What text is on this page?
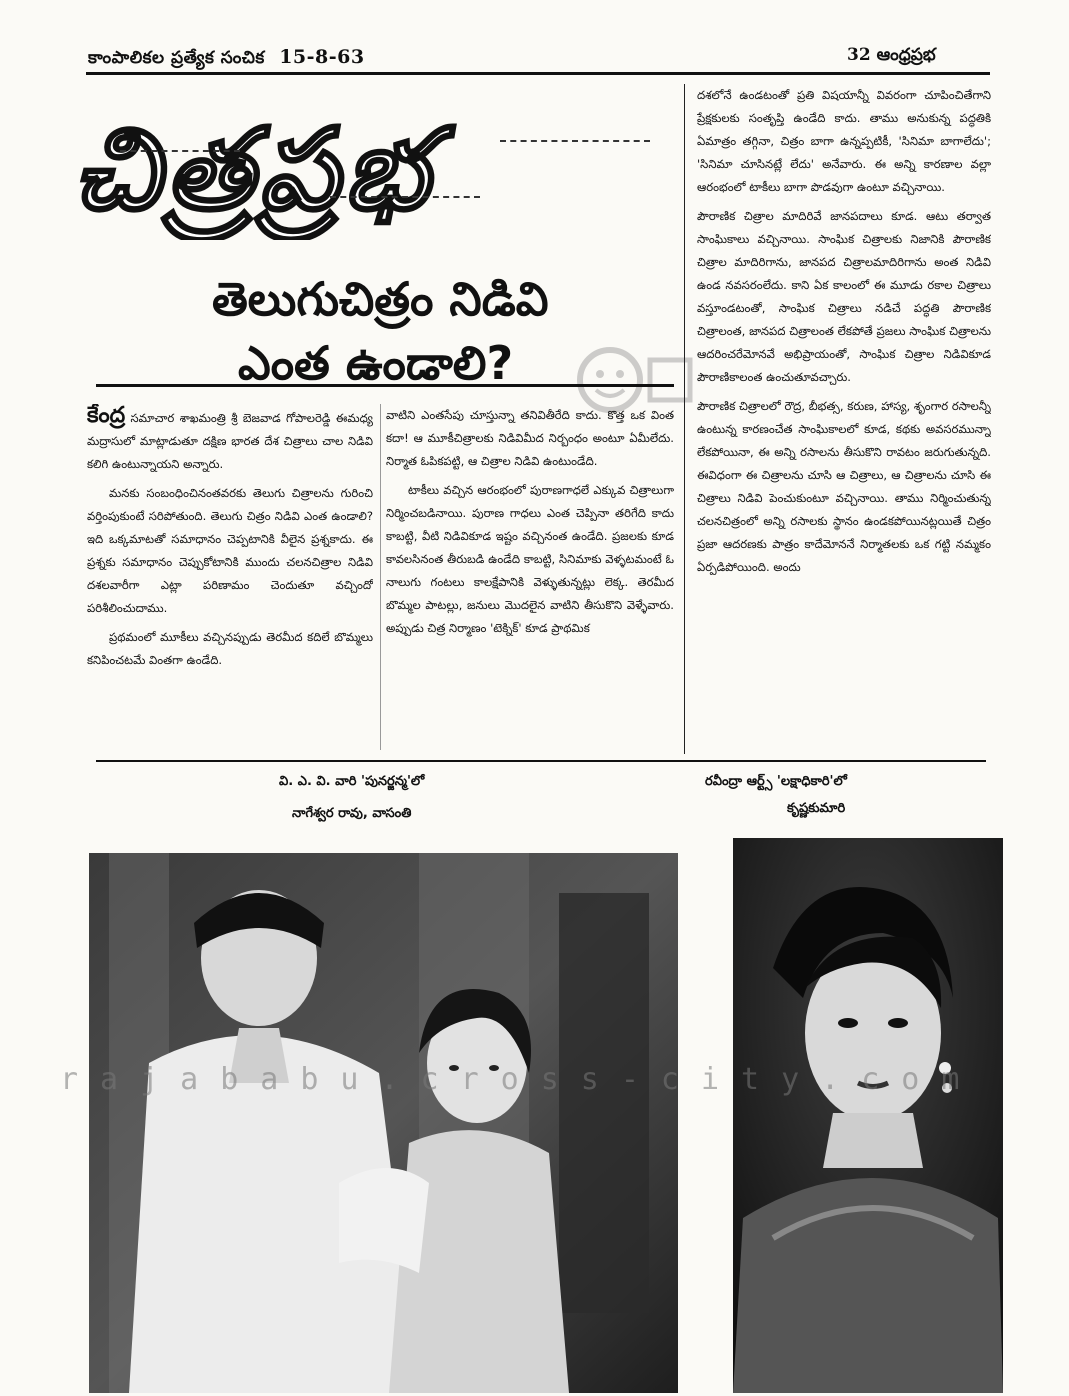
కాంపాలికల ప్రత్యేక సంచిక 15-8-63	32 ఆంధ్రప్రభ
చిత్రప్రభ
తెలుగుచిత్రం నిడివి
ఎంత ఉండాలి?

కేంద్ర సమాచార శాఖమంత్రి శ్రీ బెజవాడ గోపాలరెడ్డి ఈమధ్య మద్రాసులో మాట్లాడుతూ దక్షిణ భారత దేశ చిత్రాలు చాల నిడివి కలిగి ఉంటున్నాయని అన్నారు.

మనకు సంబంధించినంతవరకు తెలుగు చిత్రాలను గురించి వర్తింపుకుంటే సరిపోతుంది. తెలుగు చిత్రం నిడివి ఎంత ఉండాలి? ఇది ఒక్కమాటతో సమాధానం చెప్పటానికి వీలైన ప్రశ్నకాదు. ఈ ప్రశ్నకు సమాధానం చెప్పుకోటానికి ముందు చలనచిత్రాల నిడివి దశలవారీగా ఎట్లా పరిణామం చెందుతూ వచ్చిందో పరిశీలించుదాము.

ప్రథమంలో మూకీలు వచ్చినప్పుడు తెరమీద కదిలే బొమ్మలు కనిపించటమే వింతగా ఉండేది.

వాటిని ఎంతసేపు చూస్తున్నా తనివితీరేది కాదు. కొత్త ఒక వింత కదా! ఆ మూకీచిత్రాలకు నిడివిమీద నిర్బంధం అంటూ ఏమీలేదు. నిర్మాత ఓపికపట్టి, ఆ చిత్రాల నిడివి ఉంటుండేది.

టాకీలు వచ్చిన ఆరంభంలో పురాణగాధలే ఎక్కువ చిత్రాలుగా నిర్మించబడినాయి. పురాణ గాధలు ఎంత చెప్పినా తరిగేది కాదు కాబట్టి, వీటి నిడివికూడ ఇష్టం వచ్చినంత ఉండేది. ప్రజలకు కూడ కావలసినంత తీరుబడి ఉండేది కాబట్టి, సినిమాకు వెళ్ళటమంటే ఓ నాలుగు గంటలు కాలక్షేపానికి వెళ్ళుతున్నట్లు లెక్క. తెరమీద బొమ్మల పాటల్లు, జనులు మొదలైన వాటిని తీసుకొని వెళ్ళేవారు. అప్పుడు చిత్ర నిర్మాణం 'టెక్నిక్' కూడ ప్రాథమిక

దశలోనే ఉండటంతో ప్రతి విషయాన్నీ వివరంగా చూపించితేగాని ప్రేక్షకులకు సంతృప్తి ఉండేది కాదు. తాము అనుకున్న పద్ధతికి ఏమాత్రం తగ్గినా, చిత్రం బాగా ఉన్నప్పటికీ, 'సినిమా బాగాలేదు'; 'సినిమా చూసినట్లే లేదు' అనేవారు. ఈ అన్ని కారణాల వల్లా ఆరంభంలో టాకీలు బాగా పొడవుగా ఉంటూ వచ్చినాయి.

పౌరాణిక చిత్రాల మాదిరివే జానపదాలు కూడ. ఆటు తర్వాత సాంఘికాలు వచ్చినాయి. సాంఘిక చిత్రాలకు నిజానికి పౌరాణిక చిత్రాల మాదిరిగాను, జానపద చిత్రాలమాదిరిగాను అంత నిడివి ఉండ నవసరంలేదు. కాని ఏక కాలంలో ఈ మూడు రకాల చిత్రాలు వస్తూండటంతో, సాంఘిక చిత్రాలు నడిచే పద్ధతి పౌరాణిక చిత్రాలంత, జానపద చిత్రాలంత లేకపోతే ప్రజలు సాంఘిక చిత్రాలను ఆదరించరేమోనవే అభిప్రాయంతో, సాంఘిక చిత్రాల నిడివికూడ పౌరాణికాలంత ఉంచుతూవచ్చారు.

పౌరాణిక చిత్రాలలో రౌద్ర, బీభత్స, కరుణ, హాస్య, శృంగార రసాలన్నీ ఉంటున్న కారణంచేత సాంఘికాలలో కూడ, కథకు అవసరమున్నా లేకపోయినా, ఈ అన్ని రసాలను తీసుకొని రావటం జరుగుతున్నది. ఈవిధంగా ఈ చిత్రాలను చూసి ఆ చిత్రాలు, ఆ చిత్రాలను చూసి ఈ చిత్రాలు నిడివి పెంచుకుంటూ వచ్చినాయి. తాము నిర్మించుతున్న చలనచిత్రంలో అన్ని రసాలకు స్థానం ఉండకపోయినట్లయితే చిత్రం ప్రజా ఆదరణకు పాత్రం కాదేమోననే నిర్మాతలకు ఒక గట్టి నమ్మకం ఏర్పడిపోయింది. అందు

వి. ఎ. వి. వారి 'పునర్జన్మ'లో
నాగేశ్వర రావు, వాసంతి
రవీంద్రా ఆర్ట్స్ 'లక్షాధికారి'లో
కృష్ణకుమారి
rajababu.cross-city.com
